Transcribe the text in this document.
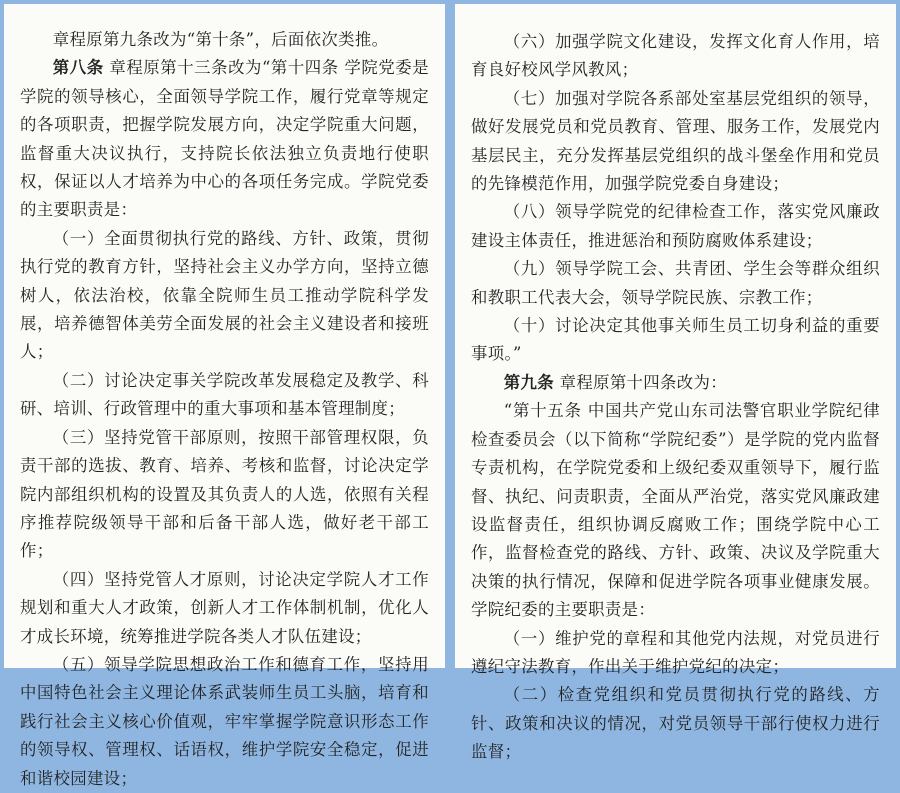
章程原第九条改为“第十条”，后面依次类推。

第八条 章程原第十三条改为“第十四条 学院党委是学院的领导核心，全面领导学院工作，履行党章等规定的各项职责，把握学院发展方向，决定学院重大问题，监督重大决议执行，支持院长依法独立负责地行使职权，保证以人才培养为中心的各项任务完成。学院党委的主要职责是：

（一）全面贯彻执行党的路线、方针、政策，贯彻执行党的教育方针，坚持社会主义办学方向，坚持立德树人，依法治校，依靠全院师生员工推动学院科学发展，培养德智体美劳全面发展的社会主义建设者和接班人；

（二）讨论决定事关学院改革发展稳定及教学、科研、培训、行政管理中的重大事项和基本管理制度；

（三）坚持党管干部原则，按照干部管理权限，负责干部的选拔、教育、培养、考核和监督，讨论决定学院内部组织机构的设置及其负责人的人选，依照有关程序推荐院级领导干部和后备干部人选，做好老干部工作；

（四）坚持党管人才原则，讨论决定学院人才工作规划和重大人才政策，创新人才工作体制机制，优化人才成长环境，统筹推进学院各类人才队伍建设；

（五）领导学院思想政治工作和德育工作，坚持用中国特色社会主义理论体系武装师生员工头脑，培育和践行社会主义核心价值观，牢牢掌握学院意识形态工作的领导权、管理权、话语权，维护学院安全稳定，促进和谐校园建设；

（六）加强学院文化建设，发挥文化育人作用，培育良好校风学风教风；

（七）加强对学院各系部处室基层党组织的领导，做好发展党员和党员教育、管理、服务工作，发展党内基层民主，充分发挥基层党组织的战斗堡垒作用和党员的先锋模范作用，加强学院党委自身建设；

（八）领导学院党的纪律检查工作，落实党风廉政建设主体责任，推进惩治和预防腐败体系建设；

（九）领导学院工会、共青团、学生会等群众组织和教职工代表大会，领导学院民族、宗教工作；

（十）讨论决定其他事关师生员工切身利益的重要事项。”

第九条 章程原第十四条改为：

“第十五条 中国共产党山东司法警官职业学院纪律检查委员会（以下简称“学院纪委”）是学院的党内监督专责机构，在学院党委和上级纪委双重领导下，履行监督、执纪、问责职责，全面从严治党，落实党风廉政建设监督责任，组织协调反腐败工作；围绕学院中心工作，监督检查党的路线、方针、政策、决议及学院重大决策的执行情况，保障和促进学院各项事业健康发展。学院纪委的主要职责是：

（一）维护党的章程和其他党内法规，对党员进行遵纪守法教育，作出关于维护党纪的决定；

（二）检查党组织和党员贯彻执行党的路线、方针、政策和决议的情况，对党员领导干部行使权力进行监督；
